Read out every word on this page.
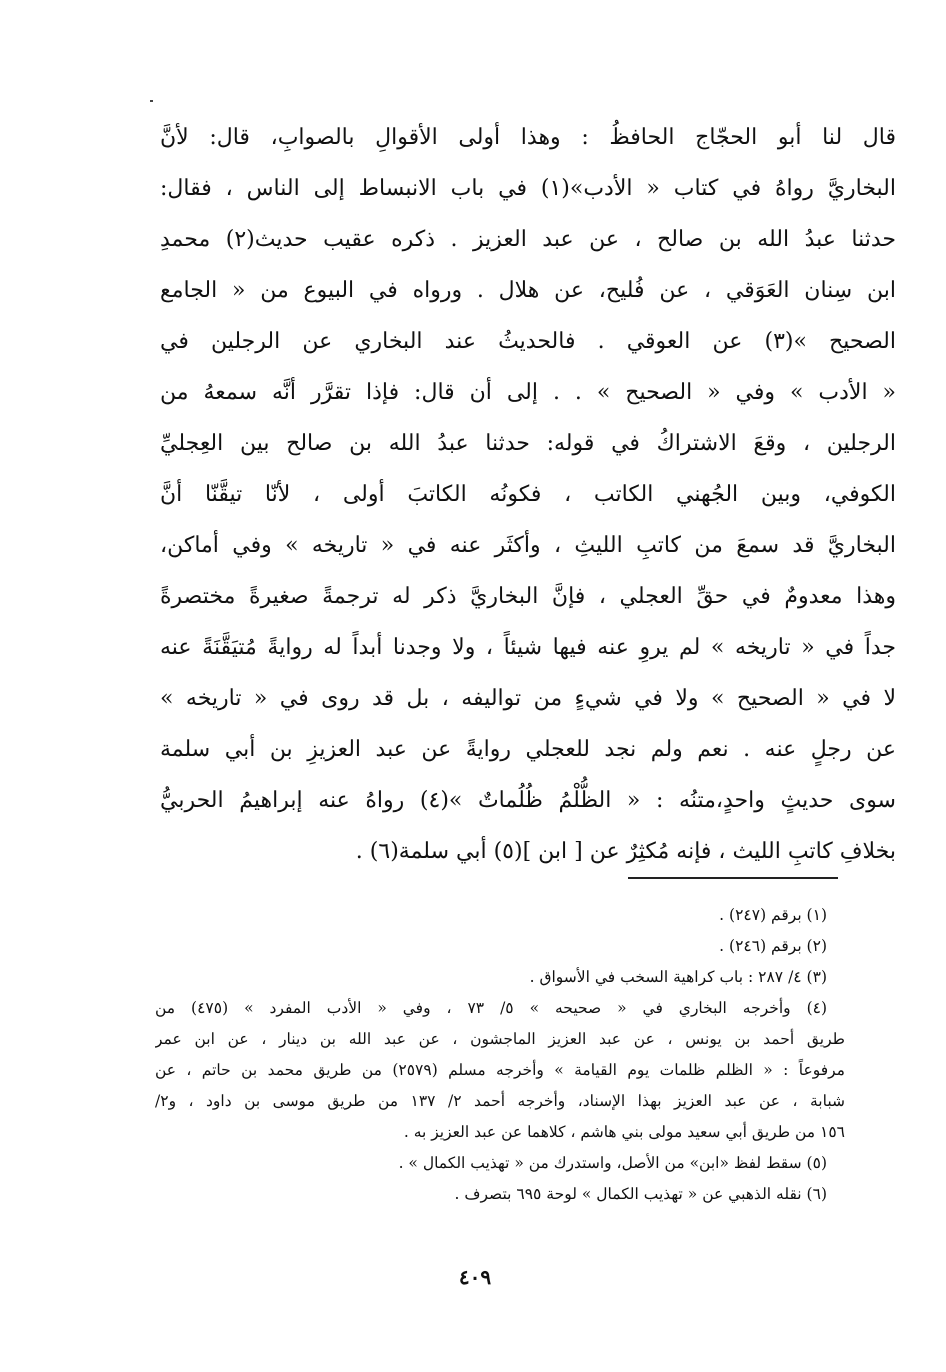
قال لنا أبو الحجّاج الحافظُ : وهذا أولى الأقوالِ بالصوابِ، قال: لأنَّ
البخاريَّ رواهُ في كتاب « الأدب»(١) في باب الانبساط إلى الناس ، فقال:
حدثنا عبدُ الله بن صالح ، عن عبد العزيز . ذكره عقيب حديث(٢) محمدِ
ابن سِنان العَوَقي ، عن فُليح، عن هلال . ورواه في البيوع من « الجامع
الصحيح »(٣) عن العوقي . فالحديثُ عند البخاري عن الرجلين في
« الأدب » وفي « الصحيح » . . إلى أن قال: فإذا تقرَّر أنَّه سمعهُ من
الرجلين ، وقعَ الاشتراكُ في قوله: حدثنا عبدُ الله بن صالح بين العِجليِّ
الكوفي، وبين الجُهني الكاتب ، فكونُه الكاتبَ أولى ، لأنّا تيقَّنّا أنَّ
البخاريَّ قد سمعَ من كاتبِ الليثِ ، وأكثَر عنه في « تاريخه » وفي أماكن،
وهذا معدومٌ في حقِّ العجلي ، فإنَّ البخاريَّ ذكر له ترجمةً صغيرةً مختصرةً
جداً في « تاريخه » لم يروِ عنه فيها شيئاً ، ولا وجدنا أبداً له روايةً مُتيَقَّنَةً عنه
لا في « الصحيح » ولا في شيءٍ من تواليفه ، بل قد روى في « تاريخه »
عن رجلٍ عنه . نعم ولم نجد للعجلي روايةً عن عبد العزيزِ بن أبي سلمة
سوى حديثٍ واحدٍ،متنُه : « الظُّلْمُ ظُلُماتٌ »(٤) رواهُ عنه إبراهيمُ الحربيُّ
بخلافِ كاتبِ الليث ، فإنه مُكثِرٌ عن [ ابن ](٥) أبي سلمة(٦) .
(١) برقم (٢٤٧) .
(٢) برقم (٢٤٦) .
(٣) ٤/ ٢٨٧ : باب كراهية السخب في الأسواق .
(٤) وأخرجه البخاري في « صحيحه » ٥/ ٧٣ ، وفي « الأدب المفرد » (٤٧٥) من
طريق أحمد بن يونس ، عن عبد العزيز الماجشون ، عن عبد الله بن دينار ، عن ابن عمر
مرفوعاً : « الظلم ظلمات يوم القيامة » وأخرجه مسلم (٢٥٧٩) من طريق محمد بن حاتم ، عن
شبابة ، عن عبد العزيز بهذا الإسناد، وأخرجه أحمد ٢/ ١٣٧ من طريق موسى بن داود ، و٢/
١٥٦ من طريق أبي سعيد مولى بني هاشم ، كلاهما عن عبد العزيز به .
(٥) سقط لفظ «ابن» من الأصل، واستدرك من « تهذيب الكمال » .
(٦) نقله الذهبي عن « تهذيب الكمال » لوحة ٦٩٥ بتصرف .
٤٠٩
